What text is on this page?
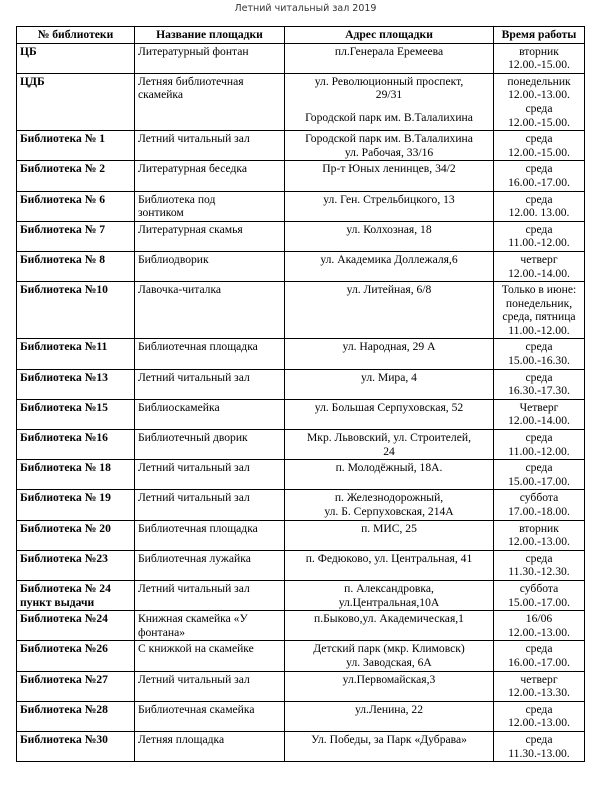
Летний читальный зал 2019
№ библиотеки	Название площадки	Адрес площадки	Время работы

ЦБ	Литературный фонтан	пл.Генерала Еремеева	вторник
12.00.-15.00.

ЦДБ	Летняя библиотечная
скамейка	ул. Революционный проспект,
29/31
Городской парк им. В.Талалихина	понедельник
12.00.-13.00.
среда
12.00.-15.00.

Библиотека № 1	Летний читальный зал	Городской парк им. В.Талалихина
ул. Рабочая, 33/16	среда
12.00.-15.00.

Библиотека № 2	Литературная беседка	Пр-т Юных ленинцев, 34/2	среда
16.00.-17.00.

Библиотека № 6	Библиотека под
зонтиком	ул. Ген. Стрельбицкого, 13	среда
12.00. 13.00.

Библиотека № 7	Литературная скамья	ул. Колхозная, 18	среда
11.00.-12.00.

Библиотека № 8	Библиодворик	ул. Академика Доллежаля,6	четверг
12.00.-14.00.

Библиотека №10	Лавочка-читалка	ул. Литейная, 6/8	Только в июне:
понедельник,
среда, пятница
11.00.-12.00.

Библиотека №11	Библиотечная площадка	ул. Народная, 29 А	среда
15.00.-16.30.

Библиотека №13	Летний читальный зал	ул. Мира, 4	среда
16.30.-17.30.

Библиотека №15	Библиоскамейка	ул. Большая Серпуховская, 52	Четверг
12.00.-14.00.

Библиотека №16	Библиотечный дворик	Мкр. Львовский, ул. Строителей,
24	среда
11.00.-12.00.

Библиотека № 18	Летний читальный зал	п. Молодёжный, 18А.	среда
15.00.-17.00.

Библиотека № 19	Летний читальный зал	п. Железнодорожный,
ул. Б. Серпуховская, 214А	суббота
17.00.-18.00.

Библиотека № 20	Библиотечная площадка	п. МИС, 25	вторник
12.00.-13.00.

Библиотека №23	Библиотечная лужайка	п. Федюково, ул. Центральная, 41	среда
11.30.-12.30.

Библиотека № 24
пункт выдачи	Летний читальный зал	п. Александровка,
ул.Центральная,10А	суббота
15.00.-17.00.

Библиотека №24	Книжная скамейка «У
фонтана»	п.Быково,ул. Академическая,1	16/06
12.00.-13.00.

Библиотека №26	С книжкой на скамейке	Детский парк (мкр. Климовск)
ул. Заводская, 6А	среда
16.00.-17.00.

Библиотека №27	Летний читальный зал	ул.Первомайская,3	четверг
12.00.-13.30.

Библиотека №28	Библиотечная скамейка	ул.Ленина, 22	среда
12.00.-13.00.

Библиотека №30	Летняя площадка	Ул. Победы, за Парк «Дубрава»	среда
11.30.-13.00.
